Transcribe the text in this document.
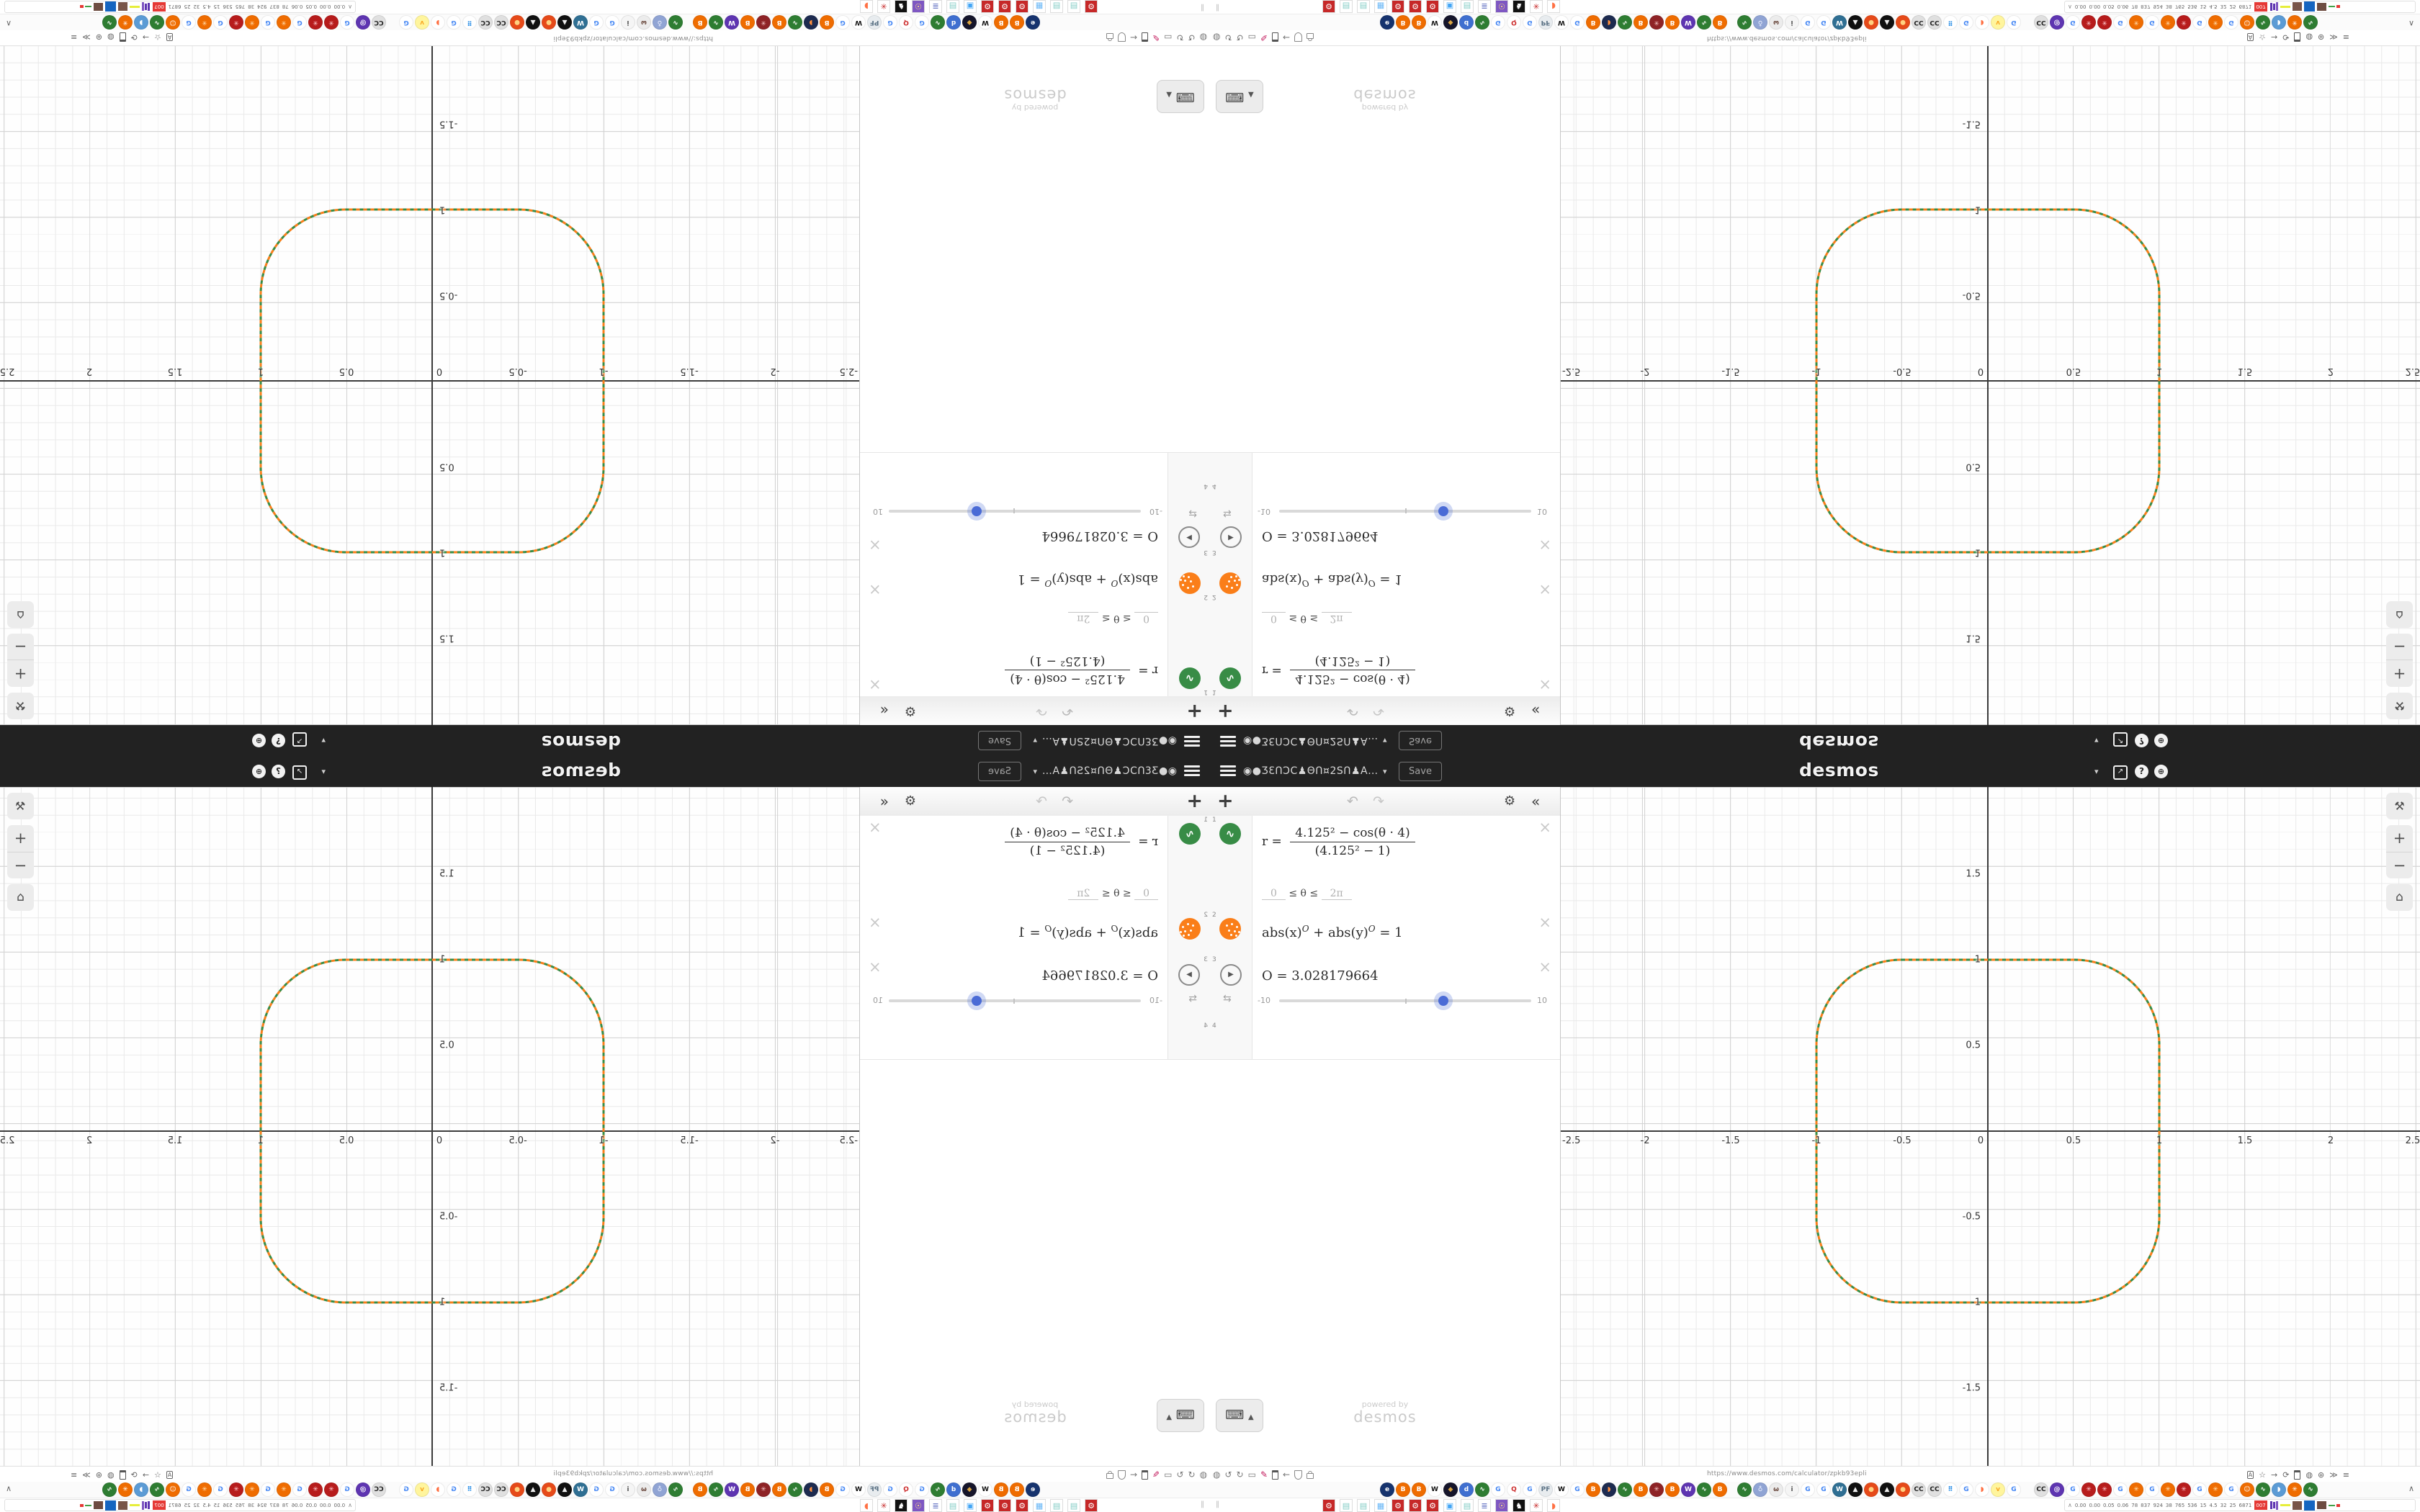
◉●ƷƐՈƆC♟ΘՈ¤2SՈ♟A…
▾
Save
desmos
▾
↗
?
⊕
+
↶
↷
⚙
«
1
∿
r =
4.125² − cos(θ · 4)
(4.125² − 1)
0 ≤ θ ≤ 2π
×
2
$abs(x)^O + abs(y)^O = 1$
×
3
▶
⇆
O = 3.028179664
-10
10
×
4
⌨ ▲
powered by
desmos
-2.5
-2
-1.5
-1
-0.5
0
0.5
1
1.5
2
2.5
1.5
1
0.5
-0.5
-1
-1.5
⚒
+
−
⌂
◍
↺
↻
▭
✎
←
https://www.desmos.com/calculator/zpkb93epli
A
☆
→
⟳
◍
⊛
≫
≡
e
B
B
W
◆
d
∿
G
Q
G
PF
W
G
B
◗
∿
B
✳
B
W
∿
B
∿
♁
ω
i
G
G
W
▲
●
▲
●
CC
CC
⠿
G
◗
v
G
CC
@
G
✳
✳
G
✳
G
✳
✳
G
✳
G
☺
∿
◗
✳
∿
∧
‖
⚙
▤
▤
▦
⚙
⚙
⚙
▣
▤
≣
☉
♞
✳
◗
∧
0.00
0.00
0.05
0.06
78
837
924
38
765
536
15
4.5
32
25
6871
007
◉●ƷƐՈƆC♟ΘՈ¤2SՈ♟A… ▾	Save	desmos	▾	↗	?	⊕
+	↶ ↷	⚙ «
1
∿
r =
4.125² − cos(θ · 4)
(4.125² − 1)
0 ≤ θ ≤ 2π
×
2
$abs(x)^O + abs(y)^O = 1$
×
3
▶
⇆
O = 3.028179664
-10	10
×
4
⌨ ▲
powered by
desmos
-2.5	-2	-1.5	-1	-0.5	0	0.5	1	1.5	2	2.5
1.5
1
0.5
-0.5
-1
-1.5
⚒
+
−
⌂
◍ ↺ ↻ ▭ ✎ ←	https://www.desmos.com/calculator/zpkb93epli	A ☆ → ⟳ ◍ ⊛ ≫ ≡
e	B	B	W	◆	d	∿	G	Q	G	PF	W	G	B	◗	∿	B	✳	B	W	∿	B	∿	♁	ω	i	G	G	W	▲	●	▲	●	CC CC	⠿	G	◗	v	G	CC	@	G	✳	✳	G	✳	G	✳	✳	G	✳	G	☺	∿	◗	✳	∿	∧
‖	⚙	▤	▤	▦	⚙	⚙	⚙	▣	▤	≣	☉	♞	✳	◗	∧ 0.00 0.00 0.05 0.06 78 837 924 38 765 536 15 4.5 32 25 6871 007
◉●ƷƐՈƆC♟ΘՈ¤2SՈ♟A…
▾
Save
desmos
▾
↗
?
⊕
+
↶
↷
⚙
«
1
∿
r =
$\frac{\text{4.125² − cos(θ · 4)}}{\text{(4.125² − 1)}}$
0 ≤ θ ≤ 2π
×
2
$abs(x)^O + abs(y)^O = 1$
×
3
▶
⇆
O = 3.028179664
-10
10
×
4
⌨ ▲
powered by
desmos
-2.5
-2
-1.5
-1
-0.5
0
0.5
1
1.5
2
2.5
1.5
1
0.5
-0.5
-1
-1.5
⚒
+
−
⌂
◍
↺
↻
▭
✎
←
https://www.desmos.com/calculator/zpkb93epli
A
☆
→
⟳
◍
⊛
≫
≡
e
B
B
W
◆
d
∿
G
Q
G
PF
W
G
B
◗
∿
B
✳
B
W
∿
B
∿
♁
ω
i
G
G
W
▲
●
▲
●
CC
CC
⠿
G
◗
v
G
CC
@
G
✳
✳
G
✳
G
✳
✳
G
✳
G
☺
∿
◗
✳
∿
∧
‖
⚙
▤
▤
▦
⚙
⚙
⚙
▣
▤
≣
☉
♞
✳
◗
∧
0.00
0.00
0.05
0.06
78
837
924
38
765
536
15
4.5
32
25
6871
007
◉●ƷƐՈƆC♟ΘՈ¤2SՈ♟A… ▾	Save	desmos	▾	↗	?	⊕
+	↶ ↷	⚙ «
1
∿
$r = \frac{\text{4.125² − cos(θ · 4)}}{\text{(4.125² − 1)}}$
0 ≤ θ ≤ 2π
×
2
$abs(x)^O + abs(y)^O = 1$
×
3
▶
⇆
O = 3.028179664
-10	10
×
4
⌨ ▲
powered by
desmos
-2.5	-2	-1.5	-1	-0.5	0	0.5	1	1.5	2	2.5
1.5
1
0.5
-0.5
-1
-1.5
⚒
+
−
⌂
◍ ↺ ↻ ▭ ✎ ←	https://www.desmos.com/calculator/zpkb93epli	A ☆ → ⟳ ◍ ⊛ ≫ ≡
e	B	B	W	◆	d	∿	G	Q	G	PF	W	G	B	◗	∿	B	✳	B	W	∿	B	∿	♁	ω	i	G	G	W	▲	●	▲	●	CC CC	⠿	G	◗	v	G	CC	@	G	✳	✳	G	✳	G	✳	✳	G	✳	G	☺	∿	◗	✳	∿	∧
‖	⚙	▤	▤	▦	⚙	⚙	⚙	▣	▤	≣	☉	♞	✳	◗	∧ 0.00 0.00 0.05 0.06 78 837 924 38 765 536 15 4.5 32 25 6871 007
